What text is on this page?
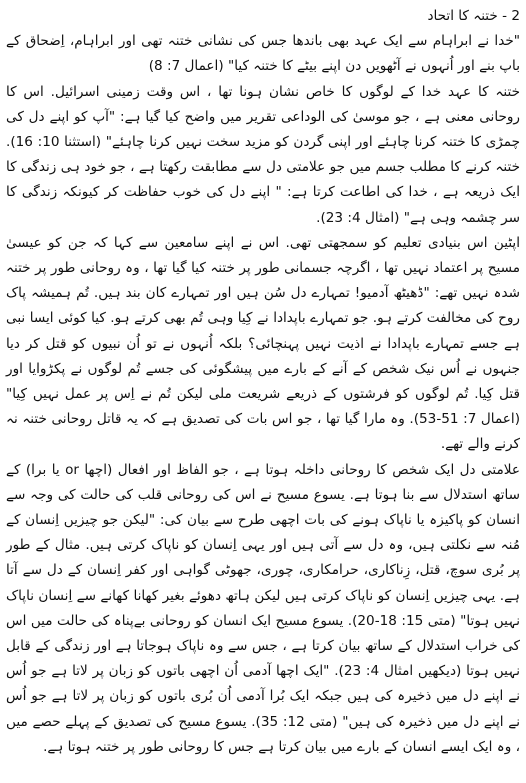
2 - ختنہ کا اتحاد

"خدا نے ابراہام سے ایک عہد بھی باندھا جس کی نشانی ختنہ تھی اور ابراہام، اِضحاق کے باپ بنے اور اُنہوں نے آٹھویں دن اپنے بیٹے کا ختنہ کیا" (اعمال 7: 8)

ختنہ کا عہد خدا کے لوگوں کا خاص نشان ہونا تھا ، اس وقت زمینی اسرائیل. اس کا روحانی معنی ہے ، جو موسیٰ کی الوداعی تقریر میں واضح کیا گیا ہے: "آپ کو اپنے دل کی چمڑی کا ختنہ کرنا چاہئے اور اپنی گردن کو مزید سخت نہیں کرنا چاہئے" (استثنا 10: 16). ختنہ کرنے کا مطلب جسم میں جو علامتی دل سے مطابقت رکھتا ہے ، جو خود ہی زندگی کا ایک ذریعہ ہے ، خدا کی اطاعت کرتا ہے: " اپنے دل کی خوب حفاظت کر کیونکہ زندگی کا سر چشمہ وہی ہے" (امثال 4: 23).

اپٹین اس بنیادی تعلیم کو سمجھتی تھی. اس نے اپنے سامعین سے کہا کہ جن کو عیسیٰ مسیح پر اعتماد نہیں تھا ، اگرچہ جسمانی طور پر ختنہ کیا گیا تھا ، وہ روحانی طور پر ختنہ شدہ نہیں تھے: "ڈھیٹھ آدمیو! تمہارے دل سُن ہیں اور تمہارے کان بند ہیں. تُم ہمیشہ پاک روح کی مخالفت کرتے ہو. جو تمہارے باپدادا نے کِیا وہی تُم بھی کرتے ہو. کیا کوئی ایسا نبی ہے جسے تمہارے باپدادا نے اذیت نہیں پہنچائی؟ بلکہ اُنہوں نے تو اُن نبیوں کو قتل کر دیا جنہوں نے اُس نیک شخص کے آنے کے بارے میں پیشگوئی کی جسے تُم لوگوں نے پکڑوایا اور قتل کِیا. تُم لوگوں کو فرشتوں کے ذریعے شریعت ملی لیکن تُم نے اِس پر عمل نہیں کِیا" (اعمال 7: 51-53). وہ مارا گیا تھا ، جو اس بات کی تصدیق ہے کہ یہ قاتل روحانی ختنہ نہ کرنے والے تھے.

علامتی دل ایک شخص کا روحانی داخلہ ہوتا ہے ، جو الفاظ اور افعال (اچھا or یا برا) کے ساتھ استدلال سے بنا ہوتا ہے. یسوع مسیح نے اس کی روحانی قلب کی حالت کی وجہ سے انسان کو پاکیزہ یا ناپاک ہونے کی بات اچھی طرح سے بیان کی: "لیکن جو چیزیں اِنسان کے مُنہ سے نکلتی ہیں، وہ دل سے آتی ہیں اور یہی اِنسان کو ناپاک کرتی ہیں. مثال کے طور پر بُری سوچ، قتل، زِناکاری، حرامکاری، چوری، جھوٹی گواہی اور کفر اِنسان کے دل سے آتا ہے. یہی چیزیں اِنسان کو ناپاک کرتی ہیں لیکن ہاتھ دھوئے بغیر کھانا کھانے سے اِنسان ناپاک نہیں ہوتا" (متی 15: 18-20). یسوع مسیح ایک انسان کو روحانی بےپناہ کی حالت میں اس کی خراب استدلال کے ساتھ بیان کرتا ہے ، جس سے وہ ناپاک ہوجاتا ہے اور زندگی کے قابل نہیں ہوتا (دیکھیں امثال 4: 23). "ایک اچھا آدمی اُن اچھی باتوں کو زبان پر لاتا ہے جو اُس نے اپنے دل میں ذخیرہ کی ہیں جبکہ ایک بُرا آدمی اُن بُری باتوں کو زبان پر لاتا ہے جو اُس نے اپنے دل میں ذخیرہ کی ہیں" (متی 12: 35). یسوع مسیح کی تصدیق کے پہلے حصے میں ، وہ ایک ایسے انسان کے بارے میں بیان کرتا ہے جس کا روحانی طور پر ختنہ ہوتا ہے.
